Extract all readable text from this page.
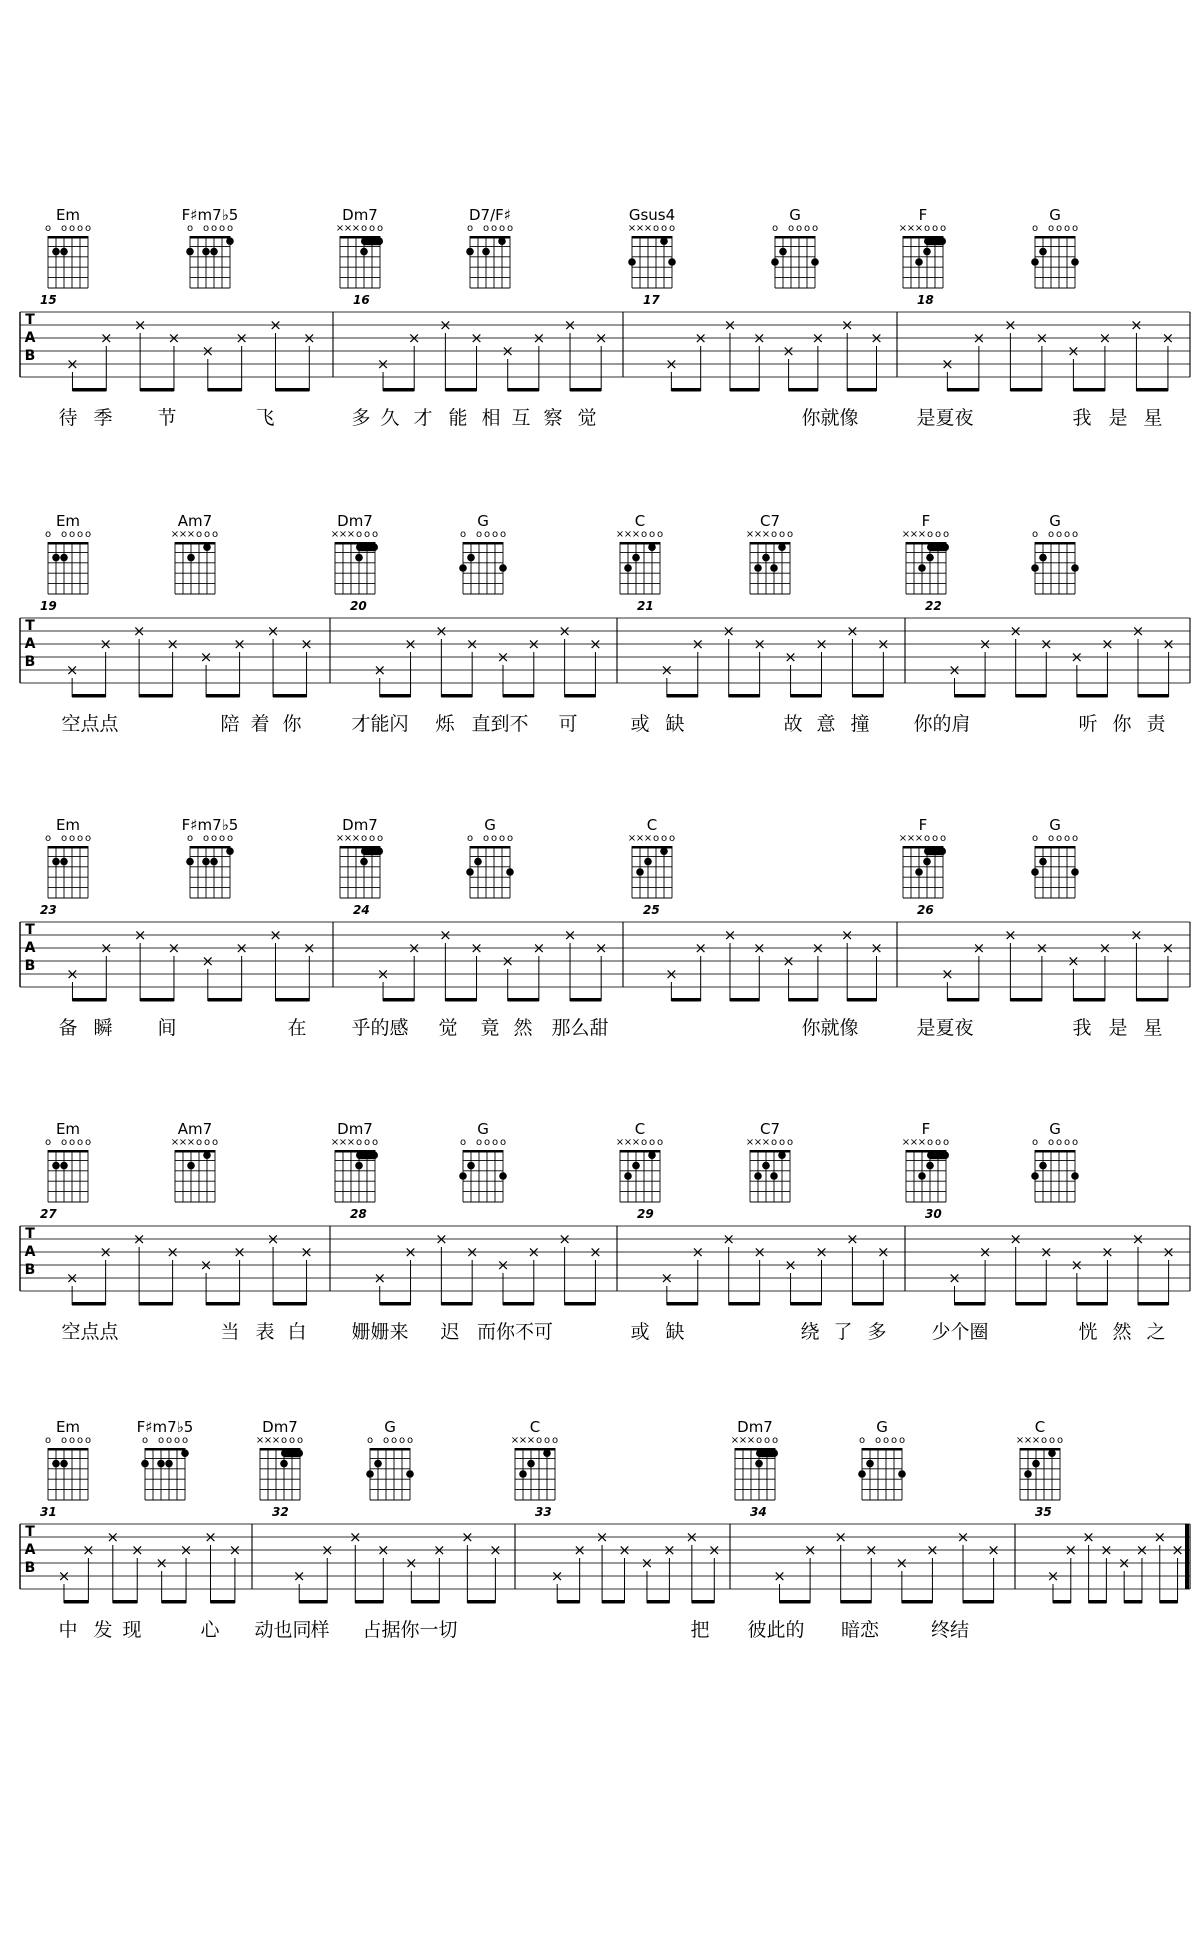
Em
o o o o o
F♯m7♭5
o o o o o
Dm7
× × × o o o
D7/F♯
o o o o o
Gsus4
× × × o o o
G
o o o o o
F
× × × o o o
G
o o o o o
T
A
B
15
×
×
×
×
×
×
×
×
16
×
×
×
×
×
×
×
×
17
×
×
×
×
×
×
×
×
18
×
×
×
×
×
×
×
×
待 季 节	飞	多 久 才 能 相 互 察 觉	你就像	是夏夜	我 是 星
Em
o o o o o
Am7
× × × o o o
Dm7
× × × o o o
G
o o o o o
C
× × × o o o
C7
× × × o o o
F
× × × o o o
G
o o o o o
T
A
B
19
×
×
×
×
×
×
×
×
20
×
×
×
×
×
×
×
×
21
×
×
×
×
×
×
×
×
22
×
×
×
×
×
×
×
×
空点点	陪 着 你	才能闪 烁 直到不 可	或 缺	故 意 撞 你的肩	听 你 责
Em
o o o o o
F♯m7♭5
o o o o o
Dm7
× × × o o o
G
o o o o o
C
× × × o o o
F
× × × o o o
G
o o o o o
T
A
B
23
×
×
×
×
×
×
×
×
24
×
×
×
×
×
×
×
×
25
×
×
×
×
×
×
×
×
26
×
×
×
×
×
×
×
×
备 瞬 间	在 乎的感 觉 竟 然 那么甜	你就像	是夏夜	我 是 星
Em
o o o o o
Am7
× × × o o o
Dm7
× × × o o o
G
o o o o o
C
× × × o o o
C7
× × × o o o
F
× × × o o o
G
o o o o o
T
A
B
27
×
×
×
×
×
×
×
×
28
×
×
×
×
×
×
×
×
29
×
×
×
×
×
×
×
×
30
×
×
×
×
×
×
×
×
空点点	当 表 白 姗姗来 迟 而你不可	或 缺	绕 了 多 少个圈	恍 然 之
Em
o o o o o
F♯m7♭5
o o o o o
Dm7
× × × o o o
G
o o o o o
C
× × × o o o
Dm7
× × × o o o
G
o o o o o
C
× × × o o o
T
A
B
31
×
×
×
×
×
×
×
×
32
×
×
×
×
×
×
×
×
33
×
×
×
×
×
×
×
×
34
×
×
×
×
×
×
×
×
35
×
×
×
×
×
×
×
×
中 发 现	心 动也同
样 占据你一切	把 彼此的 暗恋	终结
